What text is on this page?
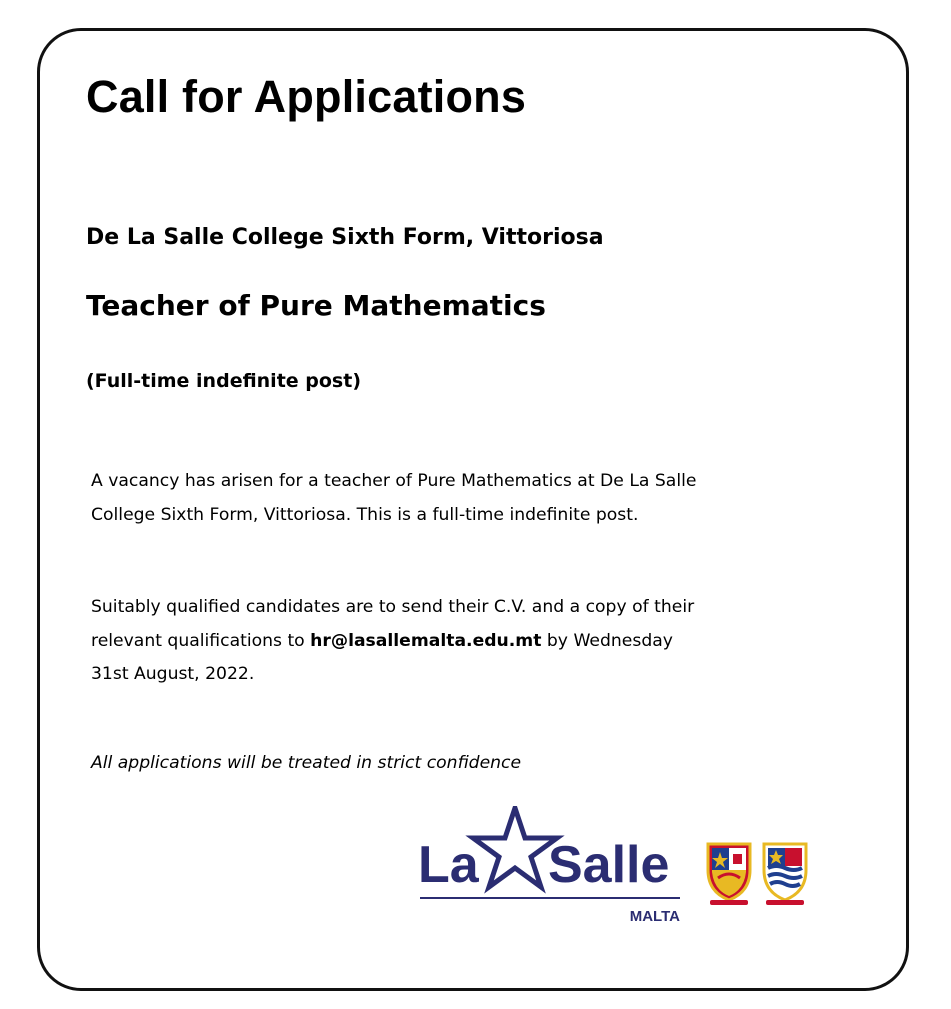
Call for Applications
De La Salle College Sixth Form, Vittoriosa
Teacher of Pure Mathematics

(Full-time indefinite post)

A vacancy has arisen for a teacher of Pure Mathematics at De La Salle
College Sixth Form, Vittoriosa. This is a full-time indefinite post.

Suitably qualified candidates are to send their C.V. and a copy of their
relevant qualifications to hr@lasallemalta.edu.mt by Wednesday
31st August, 2022.

All applications will be treated in strict confidence

La Salle
MALTA
